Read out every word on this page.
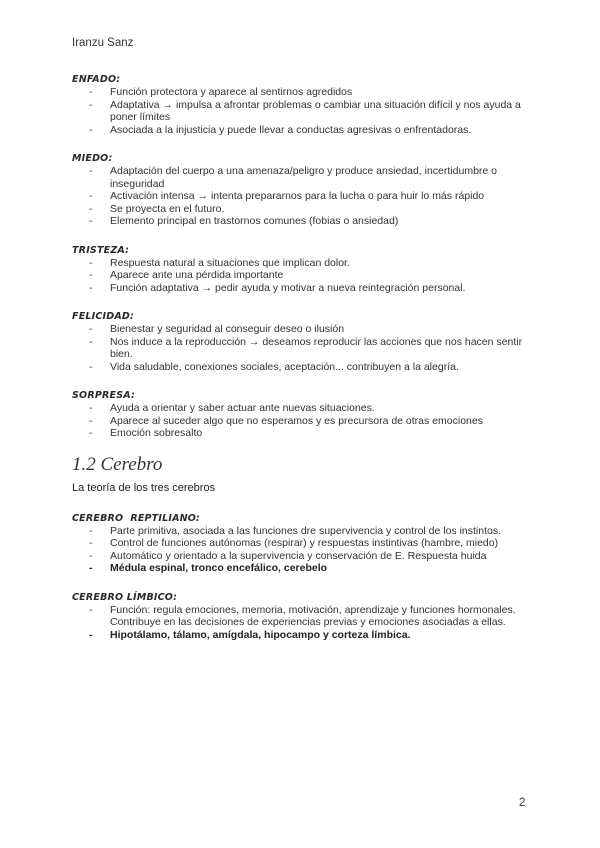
Iranzu Sanz
ENFADO:
- Función protectora y aparece al sentirnos agredidos
- Adaptativa → impulsa a afrontar problemas o cambiar una situación difícil y nos ayuda a poner límites
- Asociada a la injusticia y puede llevar a conductas agresivas o enfrentadoras.
MIEDO:
- Adaptación del cuerpo a una amenaza/peligro y produce ansiedad, incertidumbre o inseguridad
- Activación intensa → intenta prepararnos para la lucha o para huir lo más rápido
- Se proyecta en el futuro.
- Elemento principal en trastornos comunes (fobias o ansiedad)
TRISTEZA:
- Respuesta natural a situaciones que implican dolor.
- Aparece ante una pérdida importante
- Función adaptativa → pedir ayuda y motivar a nueva reintegración personal.
FELICIDAD:
- Bienestar y seguridad al conseguir deseo o ilusión
- Nos induce a la reproducción → deseamos reproducir las acciones que nos hacen sentir bien.
- Vida saludable, conexiones sociales, aceptación... contribuyen a la alegría.
SORPRESA:
- Ayuda a orientar y saber actuar ante nuevas situaciones.
- Aparece al suceder algo que no esperamos y es precursora de otras emociones
- Emoción sobresalto
1.2 Cerebro
La teoría de los tres cerebros
CEREBRO  REPTILIANO:
- Parte primitiva, asociada a las funciones dre supervivencia y control de los instintos.
- Control de funciones autónomas (respirar) y respuestas instintivas (hambre, miedo)
- Automático y orientado a la supervivencia y conservación de E. Respuesta huida
- Médula espinal, tronco encefálico, cerebelo
CEREBRO LÍMBICO:
- Función: regula emociones, memoria, motivación, aprendizaje y funciones hormonales. Contribuye en las decisiones de experiencias previas y emociones asociadas a ellas.
- Hipotálamo, tálamo, amígdala, hipocampo y corteza límbica.
2
